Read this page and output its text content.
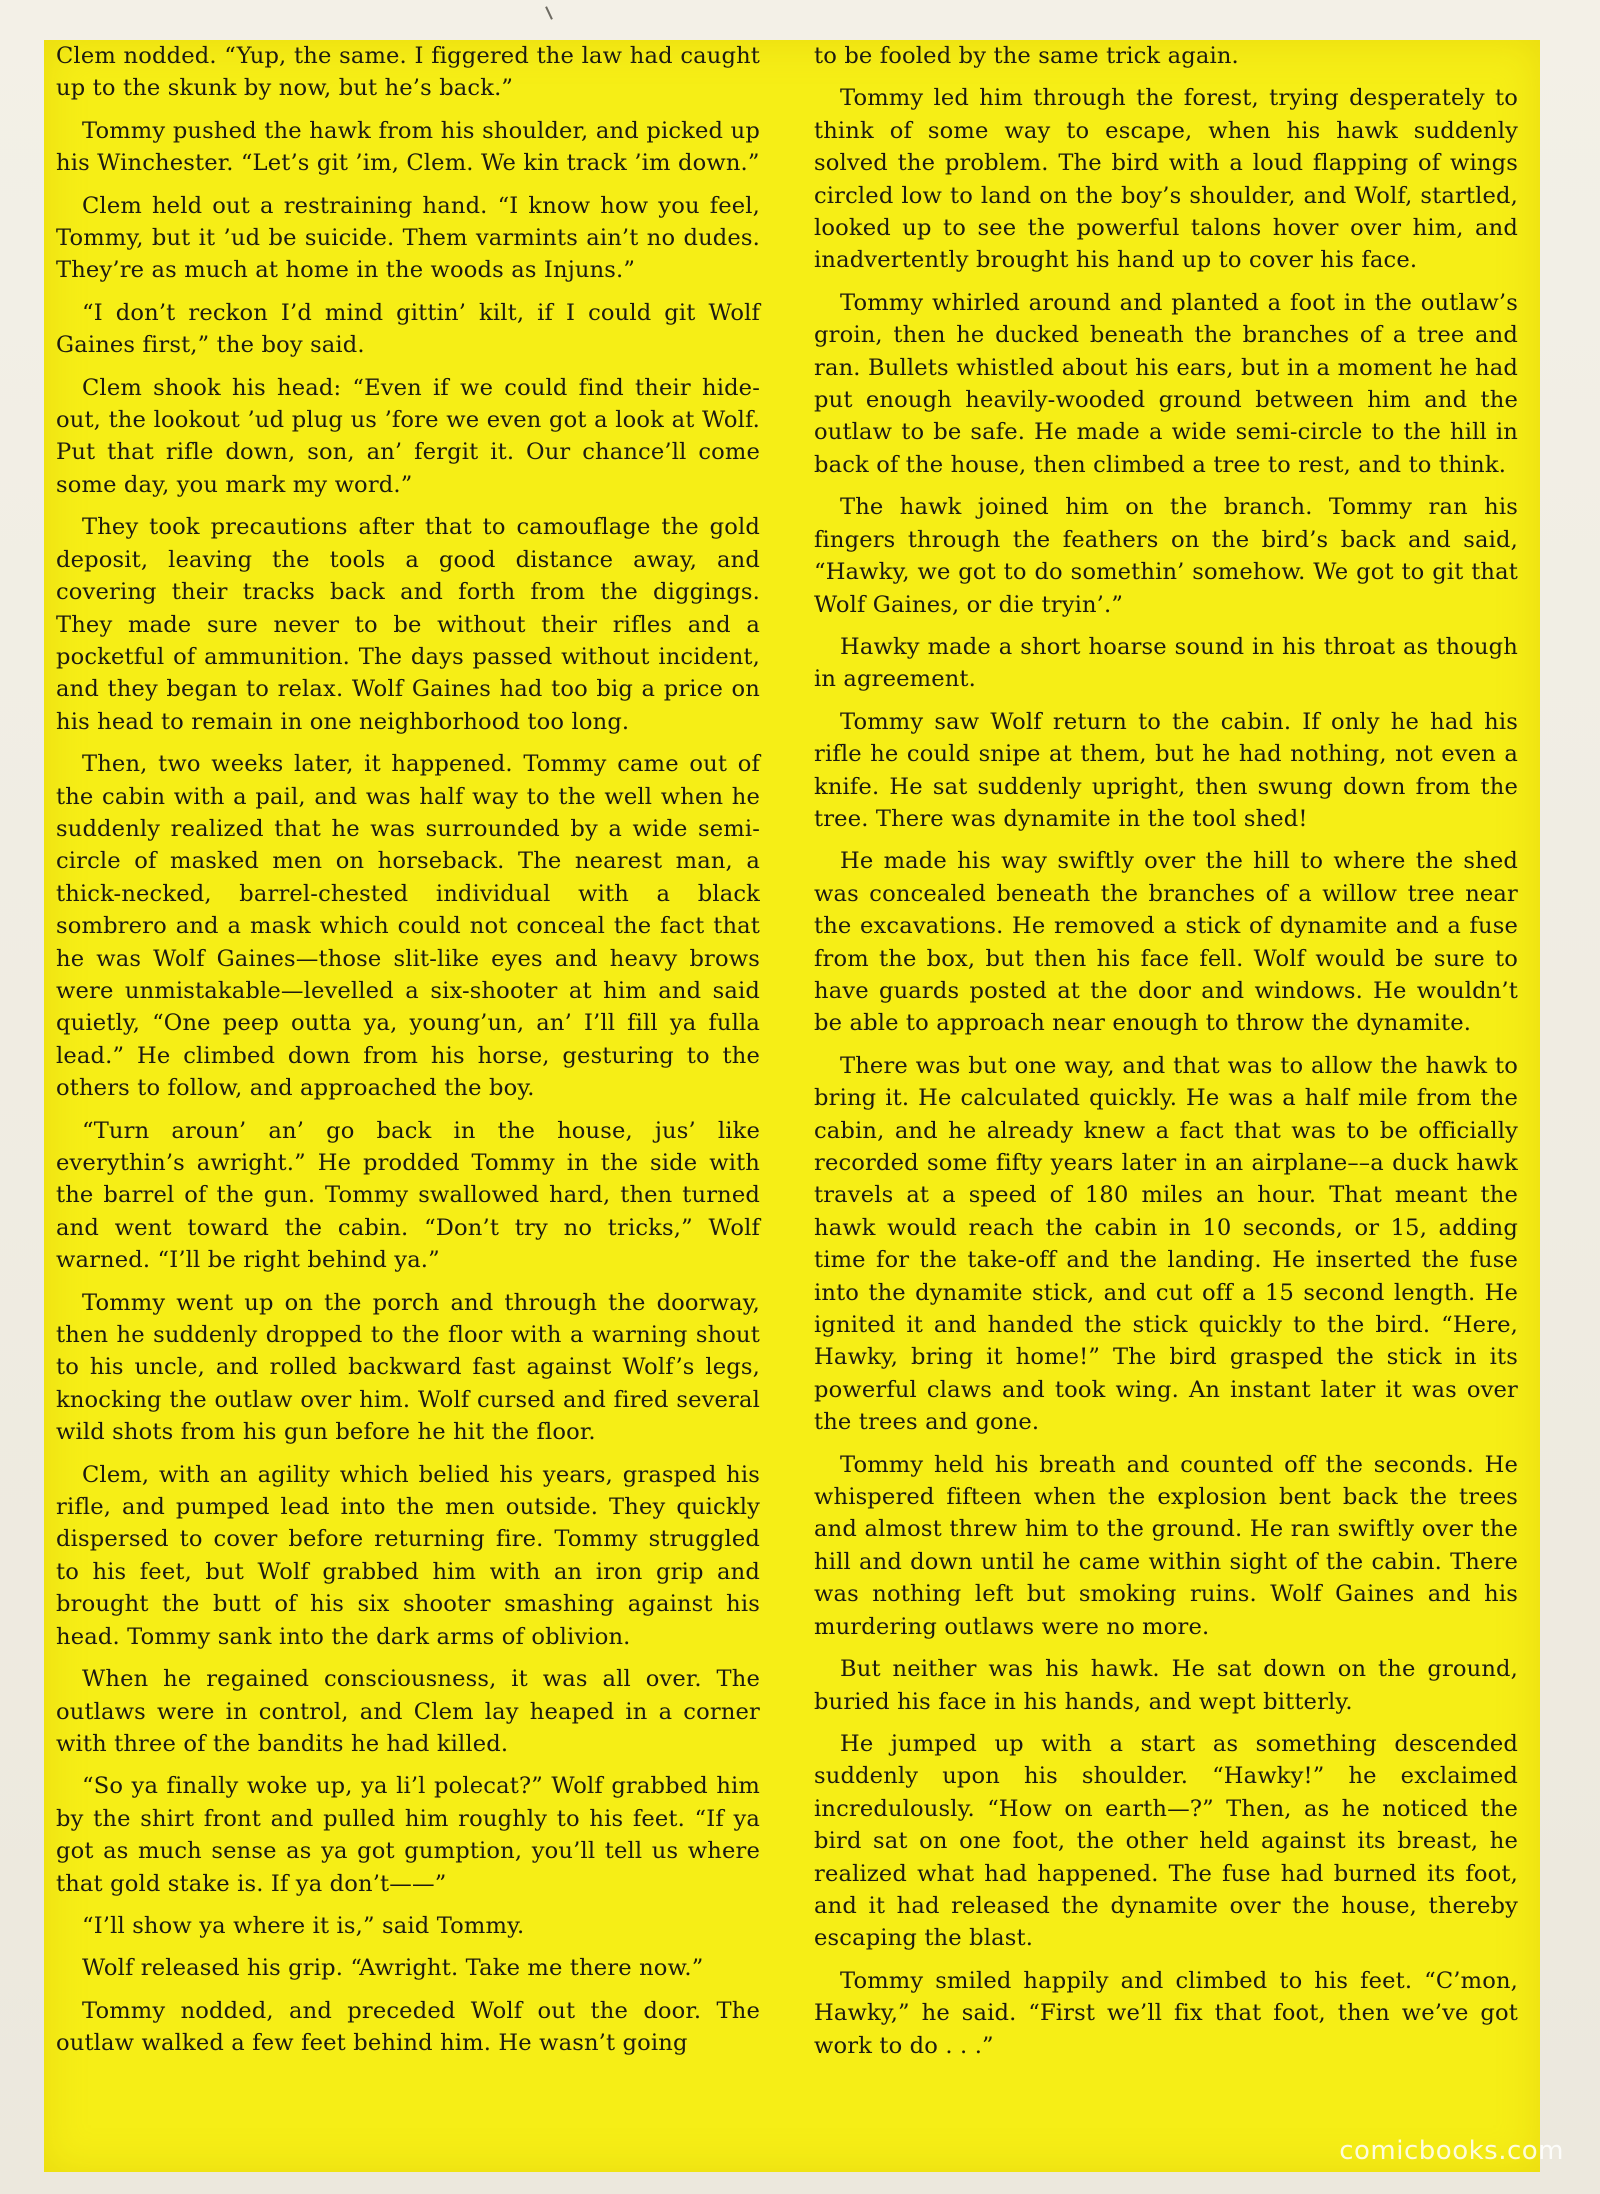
Clem nodded. “Yup, the same. I figgered the law had caught up to the skunk by now, but he’s back.”

Tommy pushed the hawk from his shoulder, and picked up his Winchester. “Let’s git ’im, Clem. We kin track ’im down.”

Clem held out a restraining hand. “I know how you feel, Tommy, but it ’ud be suicide. Them varmints ain’t no dudes. They’re as much at home in the woods as Injuns.”

“I don’t reckon I’d mind gittin’ kilt, if I could git Wolf Gaines first,” the boy said.

Clem shook his head: “Even if we could find their hide-out, the lookout ’ud plug us ’fore we even got a look at Wolf. Put that rifle down, son, an’ fergit it. Our chance’ll come some day, you mark my word.”

They took precautions after that to camouflage the gold deposit, leaving the tools a good distance away, and covering their tracks back and forth from the diggings. They made sure never to be without their rifles and a pocketful of ammunition. The days passed without incident, and they began to relax. Wolf Gaines had too big a price on his head to remain in one neighborhood too long.

Then, two weeks later, it happened. Tommy came out of the cabin with a pail, and was half way to the well when he suddenly realized that he was surrounded by a wide semi-circle of masked men on horseback. The nearest man, a thick-necked, barrel-chested individual with a black sombrero and a mask which could not conceal the fact that he was Wolf Gaines—those slit-like eyes and heavy brows were unmistakable—levelled a six-shooter at him and said quietly, “One peep outta ya, young’un, an’ I’ll fill ya fulla lead.” He climbed down from his horse, gesturing to the others to follow, and approached the boy.

“Turn aroun’ an’ go back in the house, jus’ like everythin’s awright.” He prodded Tommy in the side with the barrel of the gun. Tommy swallowed hard, then turned and went toward the cabin. “Don’t try no tricks,” Wolf warned. “I’ll be right behind ya.”

Tommy went up on the porch and through the doorway, then he suddenly dropped to the floor with a warning shout to his uncle, and rolled backward fast against Wolf’s legs, knocking the outlaw over him. Wolf cursed and fired several wild shots from his gun before he hit the floor.

Clem, with an agility which belied his years, grasped his rifle, and pumped lead into the men outside. They quickly dispersed to cover before returning fire. Tommy struggled to his feet, but Wolf grabbed him with an iron grip and brought the butt of his six shooter smashing against his head. Tommy sank into the dark arms of oblivion.

When he regained consciousness, it was all over. The outlaws were in control, and Clem lay heaped in a corner with three of the bandits he had killed.

“So ya finally woke up, ya li’l polecat?” Wolf grabbed him by the shirt front and pulled him roughly to his feet. “If ya got as much sense as ya got gumption, you’ll tell us where that gold stake is. If ya don’t——”

“I’ll show ya where it is,” said Tommy.

Wolf released his grip. “Awright. Take me there now.”

Tommy nodded, and preceded Wolf out the door. The outlaw walked a few feet behind him. He wasn’t going

to be fooled by the same trick again.

Tommy led him through the forest, trying desperately to think of some way to escape, when his hawk suddenly solved the problem. The bird with a loud flapping of wings circled low to land on the boy’s shoulder, and Wolf, startled, looked up to see the powerful talons hover over him, and inadvertently brought his hand up to cover his face.

Tommy whirled around and planted a foot in the outlaw’s groin, then he ducked beneath the branches of a tree and ran. Bullets whistled about his ears, but in a moment he had put enough heavily-wooded ground between him and the outlaw to be safe. He made a wide semi-circle to the hill in back of the house, then climbed a tree to rest, and to think.

The hawk joined him on the branch. Tommy ran his fingers through the feathers on the bird’s back and said, “Hawky, we got to do somethin’ somehow. We got to git that Wolf Gaines, or die tryin’.”

Hawky made a short hoarse sound in his throat as though in agreement.

Tommy saw Wolf return to the cabin. If only he had his rifle he could snipe at them, but he had nothing, not even a knife. He sat suddenly upright, then swung down from the tree. There was dynamite in the tool shed!

He made his way swiftly over the hill to where the shed was concealed beneath the branches of a willow tree near the excavations. He removed a stick of dynamite and a fuse from the box, but then his face fell. Wolf would be sure to have guards posted at the door and windows. He wouldn’t be able to approach near enough to throw the dynamite.

There was but one way, and that was to allow the hawk to bring it. He calculated quickly. He was a half mile from the cabin, and he already knew a fact that was to be officially recorded some fifty years later in an airplane––a duck hawk travels at a speed of 180 miles an hour. That meant the hawk would reach the cabin in 10 seconds, or 15, adding time for the take-off and the landing. He inserted the fuse into the dynamite stick, and cut off a 15 second length. He ignited it and handed the stick quickly to the bird. “Here, Hawky, bring it home!” The bird grasped the stick in its powerful claws and took wing. An instant later it was over the trees and gone.

Tommy held his breath and counted off the seconds. He whispered fifteen when the explosion bent back the trees and almost threw him to the ground. He ran swiftly over the hill and down until he came within sight of the cabin. There was nothing left but smoking ruins. Wolf Gaines and his murdering outlaws were no more.

But neither was his hawk. He sat down on the ground, buried his face in his hands, and wept bitterly.

He jumped up with a start as something descended suddenly upon his shoulder. “Hawky!” he exclaimed incredulously. “How on earth—?” Then, as he noticed the bird sat on one foot, the other held against its breast, he realized what had happened. The fuse had burned its foot, and it had released the dynamite over the house, thereby escaping the blast.

Tommy smiled happily and climbed to his feet. “C’mon, Hawky,” he said. “First we’ll fix that foot, then we’ve got work to do . . .”

comicbooks.com
